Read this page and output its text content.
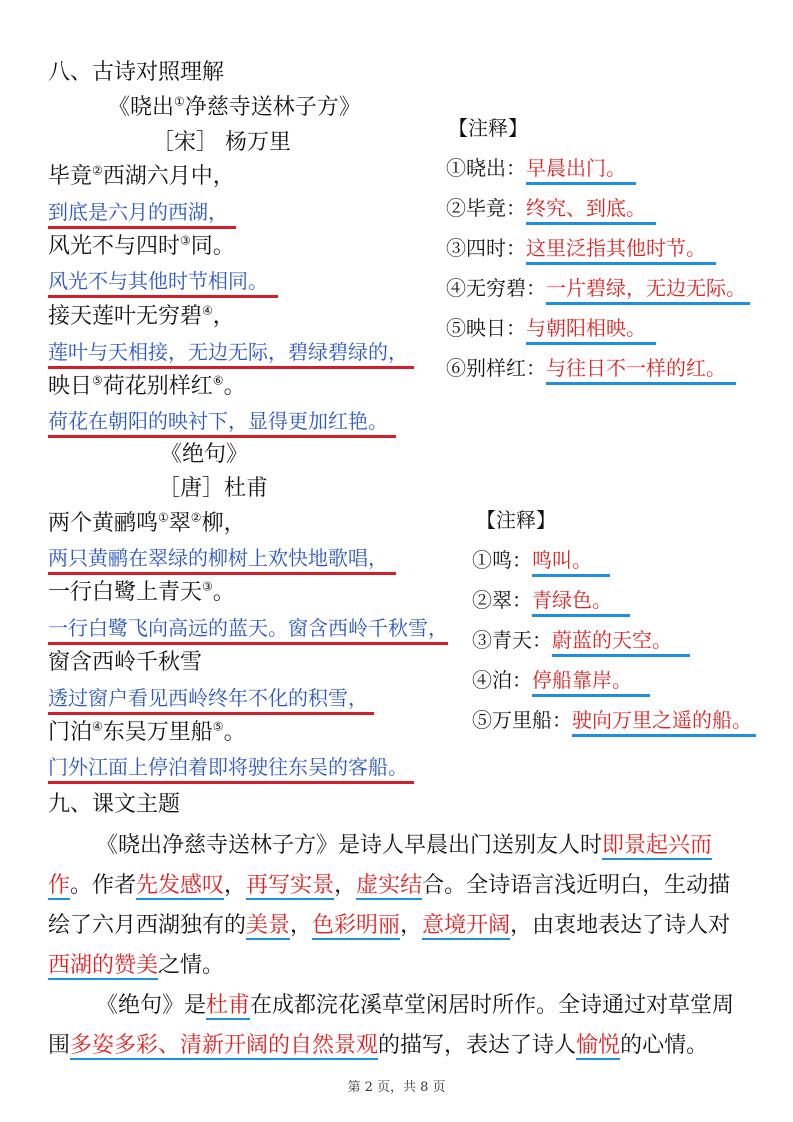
八、古诗对照理解
《晓出①净慈寺送林子方》
［宋］ 杨万里
毕竟②西湖六月中，
到底是六月的西湖，
风光不与四时③同。
风光不与其他时节相同。
接天莲叶无穷碧④，
莲叶与天相接，无边无际，碧绿碧绿的，
映日⑤荷花别样红⑥。
荷花在朝阳的映衬下，显得更加红艳。
【注释】
①晓出：早晨出门。
②毕竟：终究、到底。
③四时：这里泛指其他时节。
④无穷碧：一片碧绿，无边无际。
⑤映日：与朝阳相映。
⑥别样红：与往日不一样的红。
《绝句》
［唐］杜甫
两个黄鹂鸣①翠②柳，
两只黄鹂在翠绿的柳树上欢快地歌唱，
一行白鹭上青天③。
一行白鹭飞向高远的蓝天。窗含西岭千秋雪，
窗含西岭千秋雪
透过窗户看见西岭终年不化的积雪，
门泊④东吴万里船⑤。
门外江面上停泊着即将驶往东吴的客船。
【注释】
①鸣：鸣叫。
②翠：青绿色。
③青天：蔚蓝的天空。
④泊：停船靠岸。
⑤万里船：驶向万里之遥的船。
九、课文主题
《晓出净慈寺送林子方》是诗人早晨出门送别友人时即景起兴而作。作者先发感叹，再写实景，虚实结合。全诗语言浅近明白，生动描绘了六月西湖独有的美景，色彩明丽，意境开阔，由衷地表达了诗人对西湖的赞美之情。
《绝句》是杜甫在成都浣花溪草堂闲居时所作。全诗通过对草堂周围多姿多彩、清新开阔的自然景观的描写，表达了诗人愉悦的心情。
第 2 页，共 8 页
